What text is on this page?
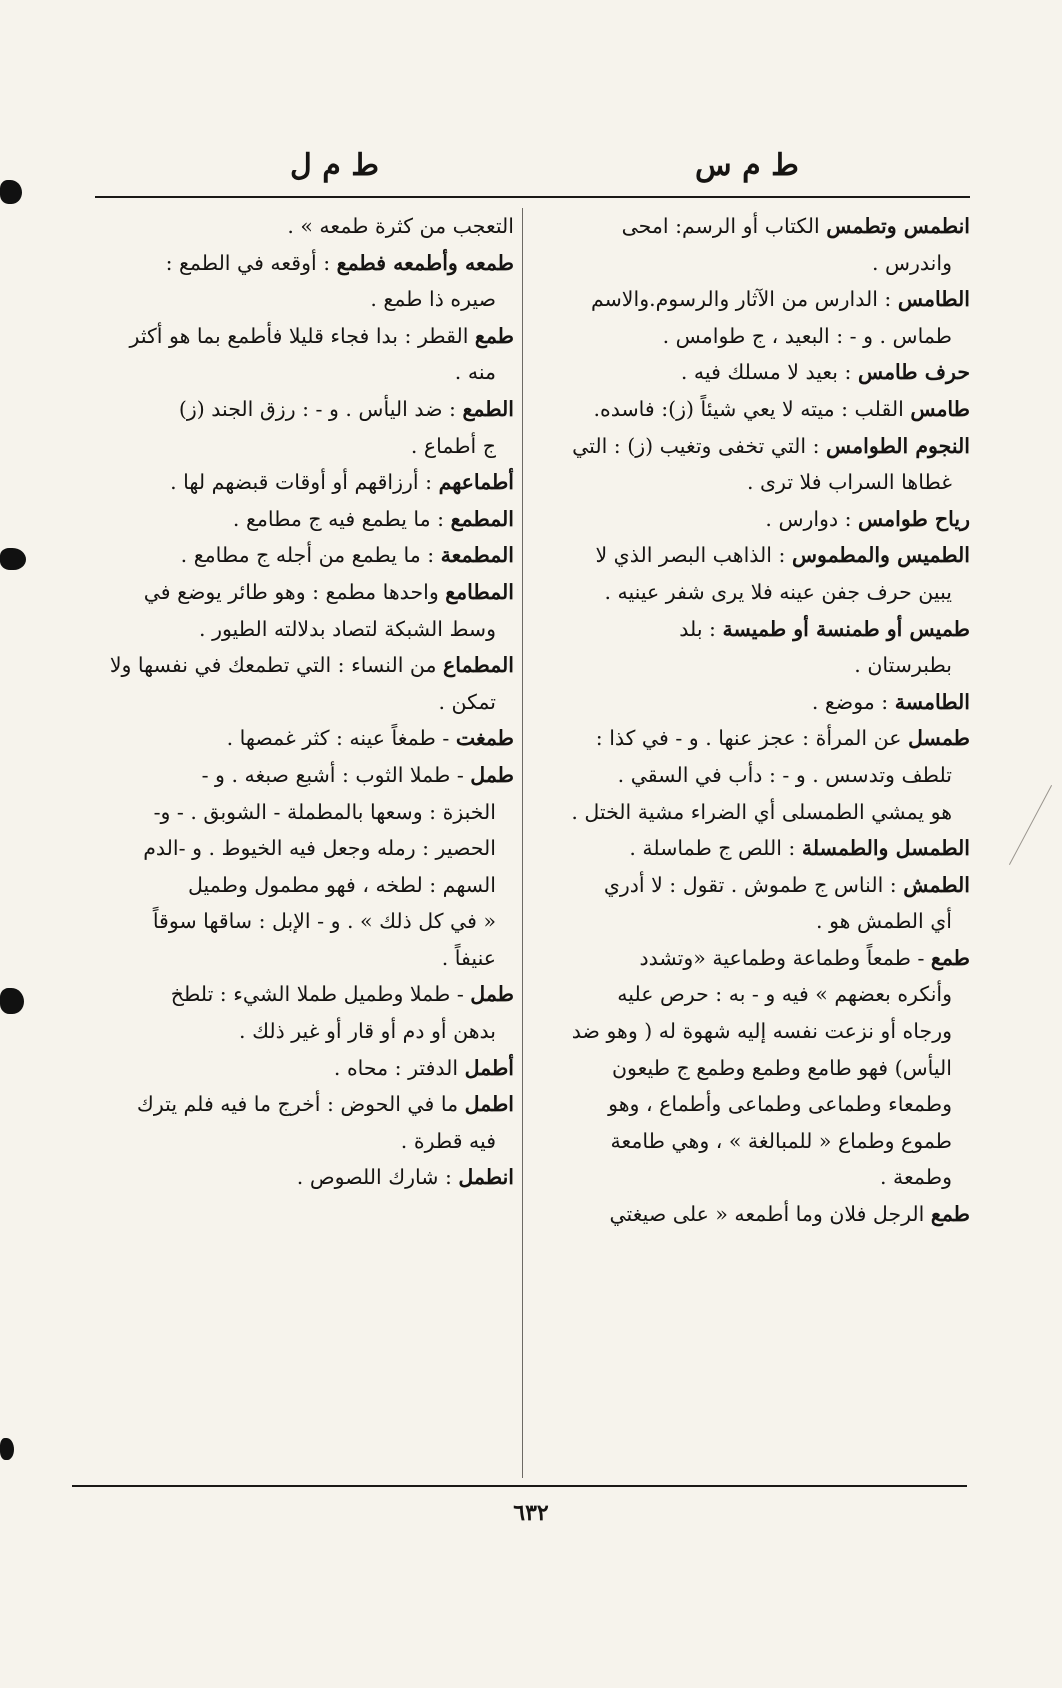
ط م س
ط م ل
انطمس وتطمس الكتاب أو الرسم: امحى
واندرس .
الطامس : الدارس من الآثار والرسوم.والاسم
طماس . و - : البعيد ، ج طوامس .
حرف طامس : بعيد لا مسلك فيه .
طامس القلب : ميته لا يعي شيئاً (ز): فاسده.
النجوم الطوامس : التي تخفى وتغيب (ز) : التي
غطاها السراب فلا ترى .
رياح طوامس : دوارس .
الطميس والمطموس : الذاهب البصر الذي لا
يبين حرف جفن عينه فلا يرى شفر عينيه .
طميس أو طمنسة أو طميسة : بلد
بطبرستان .
الطامسة : موضع .
طمسل عن المرأة : عجز عنها . و - في كذا :
تلطف وتدسس . و - : دأب في السقي .
هو يمشي الطمسلى أي الضراء مشية الختل .
الطمسل والطمسلة : اللص ج طماسلة .
الطمش : الناس ج طموش . تقول : لا أدري
أي الطمش هو .
طمع - طمعاً وطماعة وطماعية «وتشدد
وأنكره بعضهم » فيه و - به : حرص عليه
ورجاه أو نزعت نفسه إليه شهوة له ( وهو ضد
اليأس) فهو طامع وطمع وطمع ج طيعون
وطمعاء وطماعى وطماعى وأطماع ، وهو
طموع وطماع « للمبالغة » ، وهي طامعة
وطمعة .
طمع الرجل فلان وما أطمعه « على صيغتي
التعجب من كثرة طمعه » .
طمعه وأطمعه فطمع : أوقعه في الطمع :
صيره ذا طمع .
طمع القطر : بدا فجاء قليلا فأطمع بما هو أكثر
منه .
الطمع : ضد اليأس . و - : رزق الجند (ز)
ج أطماع .
أطماعهم : أرزاقهم أو أوقات قبضهم لها .
المطمع : ما يطمع فيه ج مطامع .
المطمعة : ما يطمع من أجله ج مطامع .
المطامع واحدها مطمع : وهو طائر يوضع في
وسط الشبكة لتصاد بدلالته الطيور .
المطماع من النساء : التي تطمعك في نفسها ولا
تمكن .
طمغت - طمغاً عينه : كثر غمصها .
طمل - طملا الثوب : أشبع صبغه . و -
الخبزة : وسعها بالمطملة - الشوبق . - و-
الحصير : رمله وجعل فيه الخيوط . و -الدم
السهم : لطخه ، فهو مطمول وطميل
« في كل ذلك » . و - الإبل : ساقها سوقاً
عنيفاً .
طمل - طملا وطميل طملا الشيء : تلطخ
بدهن أو دم أو قار أو غير ذلك .
أطمل الدفتر : محاه .
اطمل ما في الحوض : أخرج ما فيه فلم يترك
فيه قطرة .
انطمل : شارك اللصوص .
٦٣٢
